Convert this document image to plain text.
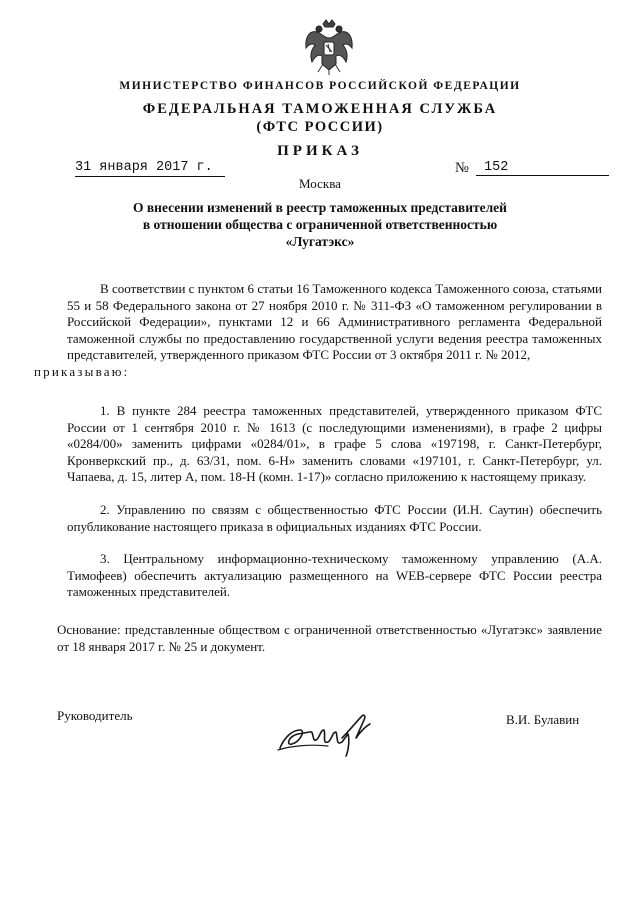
МИНИСТЕРСТВО ФИНАНСОВ РОССИЙСКОЙ ФЕДЕРАЦИИ
ФЕДЕРАЛЬНАЯ ТАМОЖЕННАЯ СЛУЖБА
(ФТС РОССИИ)
ПРИКАЗ
31 января 2017 г.	№	152
Москва
О внесении изменений в реестр таможенных представителей
в отношении общества с ограниченной ответственностью
«Лугатэкс»

В соответствии с пунктом 6 статьи 16 Таможенного кодекса Таможенного союза, статьями 55 и 58 Федерального закона от 27 ноября 2010 г. № 311-ФЗ «О таможенном регулировании в Российской Федерации», пунктами 12 и 66 Административного регламента Федеральной таможенной службы по предоставлению государственной услуги ведения реестра таможенных представителей, утвержденного приказом ФТС России от 3 октября 2011 г. № 2012,
приказываю:

1. В пункте 284 реестра таможенных представителей, утвержденного приказом ФТС России от 1 сентября 2010 г. № 1613 (с последующими изменениями), в графе 2 цифры «0284/00» заменить цифрами «0284/01», в графе 5 слова «197198, г. Санкт-Петербург, Кронверкский пр., д. 63/31, пом. 6-Н» заменить словами «197101, г. Санкт-Петербург, ул. Чапаева, д. 15, литер А, пом. 18-Н (комн. 1-17)» согласно приложению к настоящему приказу.

2. Управлению по связям с общественностью ФТС России (И.Н. Саутин) обеспечить опубликование настоящего приказа в официальных изданиях ФТС России.

3. Центральному информационно-техническому таможенному управлению (А.А. Тимофеев) обеспечить актуализацию размещенного на WEB-сервере ФТС России реестра таможенных представителей.

Основание: представленные обществом с ограниченной ответственностью «Лугатэкс» заявление от 18 января 2017 г. № 25 и документ.

Руководитель	В.И. Булавин
